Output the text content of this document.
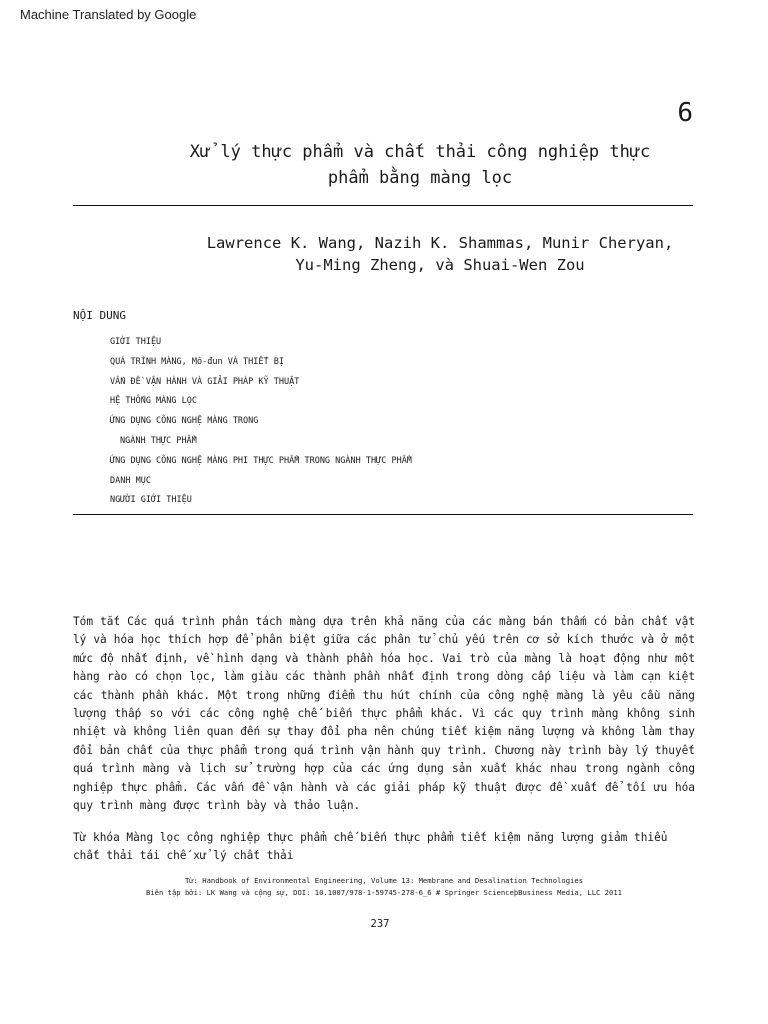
Machine Translated by Google
6
Xử lý thực phẩm và chất thải công nghiệp thực
phẩm bằng màng lọc
Lawrence K. Wang, Nazih K. Shammas, Munir Cheryan,
Yu-Ming Zheng, và Shuai-Wen Zou
NỘI DUNG
GIỚI THIỆU
QUÁ TRÌNH MÀNG, Mô-đun VÀ THIẾT BỊ
VẤN ĐỀ VẬN HÀNH VÀ GIẢI PHÁP KỸ THUẬT
HỆ THỐNG MÀNG LỌC
ỨNG DỤNG CÔNG NGHỆ MÀNG TRONG
NGÀNH THỰC PHẨM
ỨNG DỤNG CÔNG NGHỆ MÀNG PHI THỰC PHẨM TRONG NGÀNH THỰC PHẨM
DANH MỤC
NGƯỜI GIỚI THIỆU

Tóm tắt Các quá trình phân tách màng dựa trên khả năng của các màng bán thấm có bản chất vật lý và hóa học thích hợp để phân biệt giữa các phân tử chủ yếu trên cơ sở kích thước và ở một mức độ nhất định, về hình dạng và thành phần hóa học. Vai trò của màng là hoạt động như một hàng rào có chọn lọc, làm giàu các thành phần nhất định trong dòng cấp liệu và làm cạn kiệt các thành phần khác. Một trong những điểm thu hút chính của công nghệ màng là yêu cầu năng lượng thấp so với các công nghệ chế biến thực phẩm khác. Vì các quy trình màng không sinh nhiệt và không liên quan đến sự thay đổi pha nên chúng tiết kiệm năng lượng và không làm thay đổi bản chất của thực phẩm trong quá trình vận hành quy trình. Chương này trình bày lý thuyết quá trình màng và lịch sử trường hợp của các ứng dụng sản xuất khác nhau trong ngành công nghiệp thực phẩm. Các vấn đề vận hành và các giải pháp kỹ thuật được đề xuất để tối ưu hóa quy trình màng được trình bày và thảo luận.

Từ khóa Màng lọc công nghiệp thực phẩm chế biến thực phẩm tiết kiệm năng lượng giảm thiểu chất thải tái chế xử lý chất thải

Từ: Handbook of Environmental Engineering, Volume 13: Membrane and Desalination Technologies
Biên tập bởi: LK Wang và cộng sự, DOI: 10.1007/978-1-59745-278-6_6 # Springer ScienceþBusiness Media, LLC 2011
237
